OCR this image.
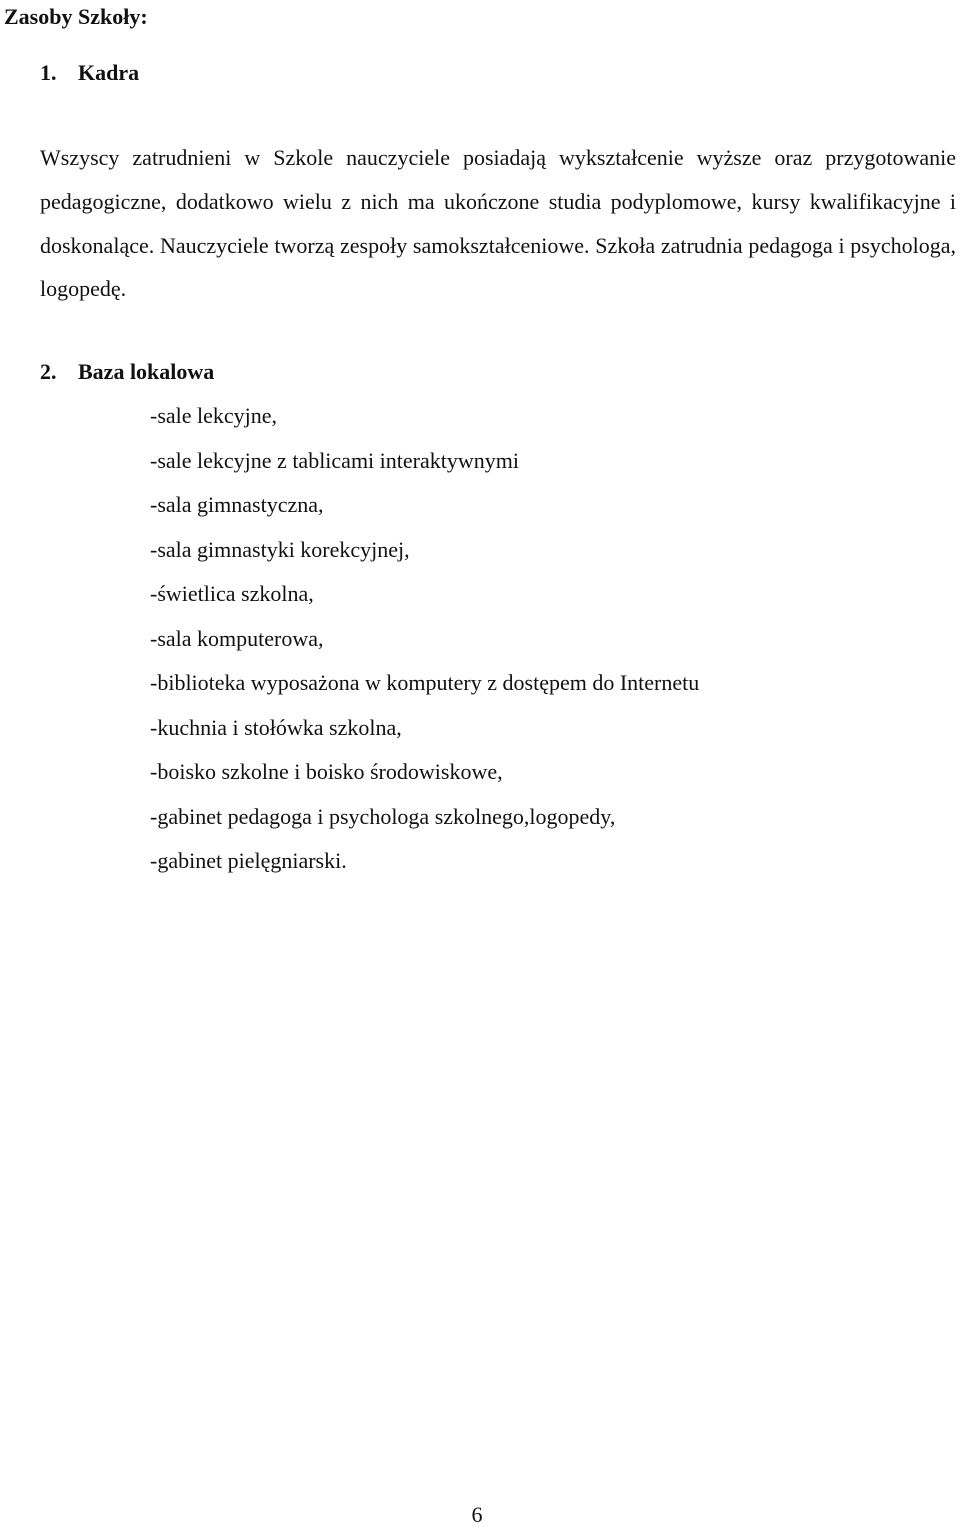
Zasoby Szkoły:
1. Kadra

Wszyscy zatrudnieni w Szkole nauczyciele posiadają wykształcenie wyższe oraz przygotowanie pedagogiczne, dodatkowo wielu z nich ma ukończone studia podyplomowe, kursy kwalifikacyjne i doskonalące. Nauczyciele tworzą zespoły samokształceniowe. Szkoła zatrudnia pedagoga i psychologa, logopedę.

2. Baza lokalowa
-sale lekcyjne,
-sale lekcyjne z tablicami interaktywnymi
-sala gimnastyczna,
-sala gimnastyki korekcyjnej,
-świetlica szkolna,
-sala komputerowa,
-biblioteka wyposażona w komputery z dostępem do Internetu
-kuchnia i stołówka szkolna,
-boisko szkolne i boisko środowiskowe,
-gabinet pedagoga i psychologa szkolnego,logopedy,
-gabinet pielęgniarski.
6
